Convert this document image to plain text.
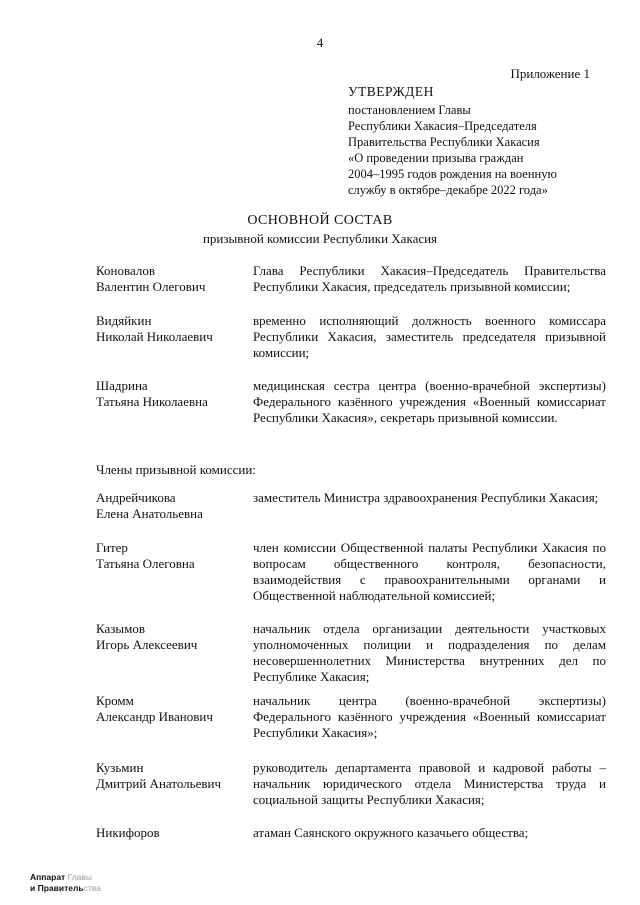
4
Приложение 1
УТВЕРЖДЕН
постановлением Главы
Республики Хакасия–Председателя
Правительства Республики Хакасия
«О проведении призыва граждан
2004–1995 годов рождения на военную
службу в октябре–декабре 2022 года»
ОСНОВНОЙ СОСТАВ
призывной комиссии Республики Хакасия
Коновалов
Валентин Олегович
Глава Республики Хакасия–Председатель Правительства Республики Хакасия, председатель призывной комиссии;
Видяйкин
Николай Николаевич
временно исполняющий должность военного комиссара Республики Хакасия, заместитель председателя призывной комиссии;
Шадрина
Татьяна Николаевна
медицинская сестра центра (военно-врачебной экспертизы) Федерального казённого учреждения «Военный комиссариат Республики Хакасия», секретарь призывной комиссии.
Члены призывной комиссии:
Андрейчикова
Елена Анатольевна
заместитель Министра здравоохранения Республики Хакасия;
Гитер
Татьяна Олеговна
член комиссии Общественной палаты Республики Хакасия по вопросам общественного контроля, безопасности, взаимодействия с правоохранительными органами и Общественной наблюдательной комиссией;
Казымов
Игорь Алексеевич
начальник отдела организации деятельности участковых уполномоченных полиции и подразделения по делам несовершеннолетних Министерства внутренних дел по Республике Хакасия;
Кромм
Александр Иванович
начальник центра (военно-врачебной экспертизы) Федерального казённого учреждения «Военный комиссариат Республики Хакасия»;
Кузьмин
Дмитрий Анатольевич
руководитель департамента правовой и кадровой работы – начальник юридического отдела Министерства труда и социальной защиты Республики Хакасия;
Никифоров	атаман Саянского окружного казачьего общества;
Аппарат Главы
и Правительства
